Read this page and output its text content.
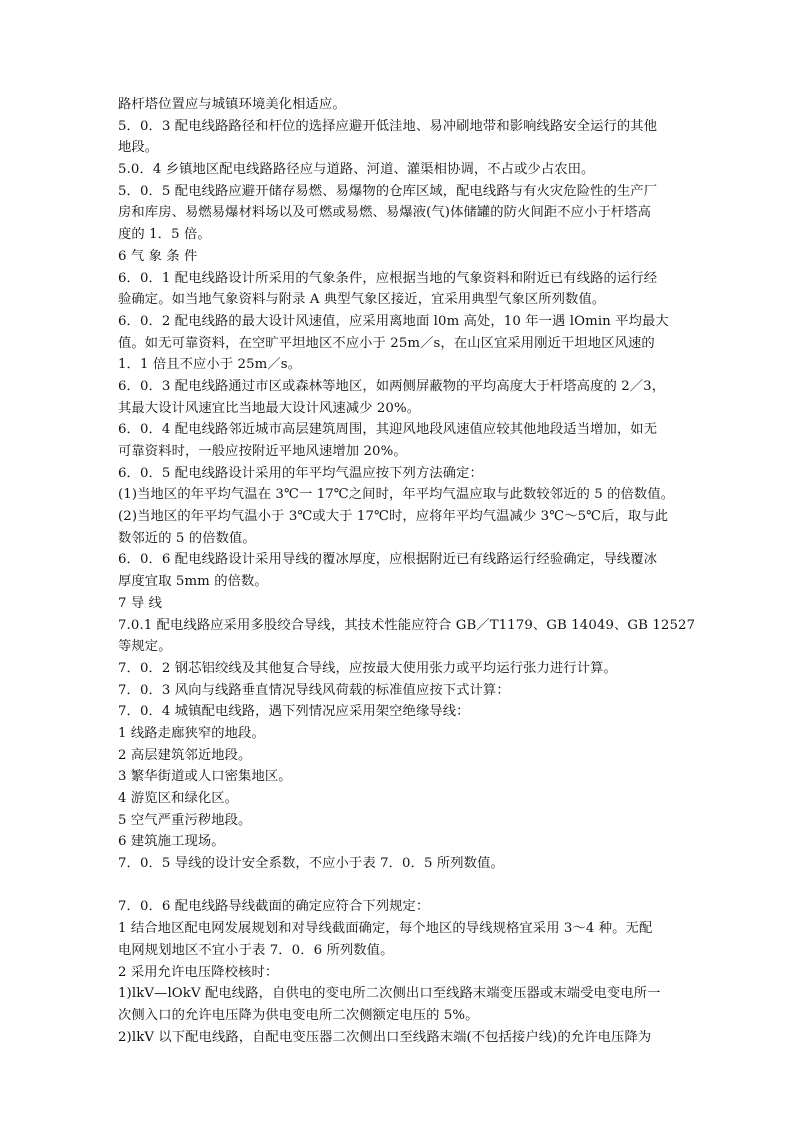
路杆塔位置应与城镇环境美化相适应。
5．0．3 配电线路路径和杆位的选择应避开低洼地、易冲刷地带和影响线路安全运行的其他
地段。
5.0．4 乡镇地区配电线路路径应与道路、河道、灌渠相协调，不占或少占农田。
5．0．5 配电线路应避开储存易燃、易爆物的仓库区域，配电线路与有火灾危险性的生产厂
房和库房、易燃易爆材料场以及可燃或易燃、易爆液(气)体储罐的防火间距不应小于杆塔高
度的 1．5 倍。
6 气 象 条 件
6．0．1 配电线路设计所采用的气象条件，应根据当地的气象资料和附近已有线路的运行经
验确定。如当地气象资料与附录 A 典型气象区接近，宜采用典型气象区所列数值。
6．0．2 配电线路的最大设计风速值，应采用离地面 l0m 高处，10 年一遇 lOmin 平均最大
值。如无可靠资料，在空旷平坦地区不应小于 25m／s，在山区宜采用刚近干坦地区风速的
1．1 倍且不应小于 25m／s。
6．0．3 配电线路通过市区或森林等地区，如两侧屏蔽物的平均高度大于杆塔高度的 2／3，
其最大设计风速宜比当地最大设计风速减少 20%。
6．0．4 配电线路邻近城市高层建筑周围，其迎风地段风速值应较其他地段适当增加，如无
可靠资料时，一般应按附近平地风速增加 20%。
6．0．5 配电线路设计采用的年平均气温应按下列方法确定：
(1)当地区的年平均气温在 3℃一 17℃之间时，年平均气温应取与此数较邻近的 5 的倍数值。
(2)当地区的年平均气温小于 3℃或大于 17℃时，应将年平均气温减少 3℃～5℃后，取与此
数邻近的 5 的倍数值。
6．0．6 配电线路设计采用导线的覆冰厚度，应根据附近已有线路运行经验确定，导线覆冰
厚度宜取 5mm 的倍数。
7 导 线
7.0.1 配电线路应采用多股绞合导线，其技术性能应符合 GB／T1179、GB 14049、GB 12527
等规定。
7．0．2 钢芯铝绞线及其他复合导线，应按最大使用张力或平均运行张力进行计算。
7．0．3 风向与线路垂直情况导线风荷载的标准值应按下式计算：
7．0．4 城镇配电线路，遇下列情况应采用架空绝缘导线：
1 线路走廊狭窄的地段。
2 高层建筑邻近地段。
3 繁华街道或人口密集地区。
4 游览区和绿化区。
5 空气严重污秽地段。
6 建筑施工现场。
7．0．5 导线的设计安全系数，不应小于表 7．0．5 所列数值。
7．0．6 配电线路导线截面的确定应符合下列规定：
1 结合地区配电网发展规划和对导线截面确定，每个地区的导线规格宜采用 3～4 种。无配
电网规划地区不宜小于表 7．0．6 所列数值。
2 采用允许电压降校核时：
1)lkV—lOkV 配电线路，自供电的变电所二次侧出口至线路末端变压器或末端受电变电所一
次侧入口的允许电压降为供电变电所二次侧额定电压的 5%。
2)lkV 以下配电线路，自配电变压器二次侧出口至线路末端(不包括接户线)的允许电压降为
